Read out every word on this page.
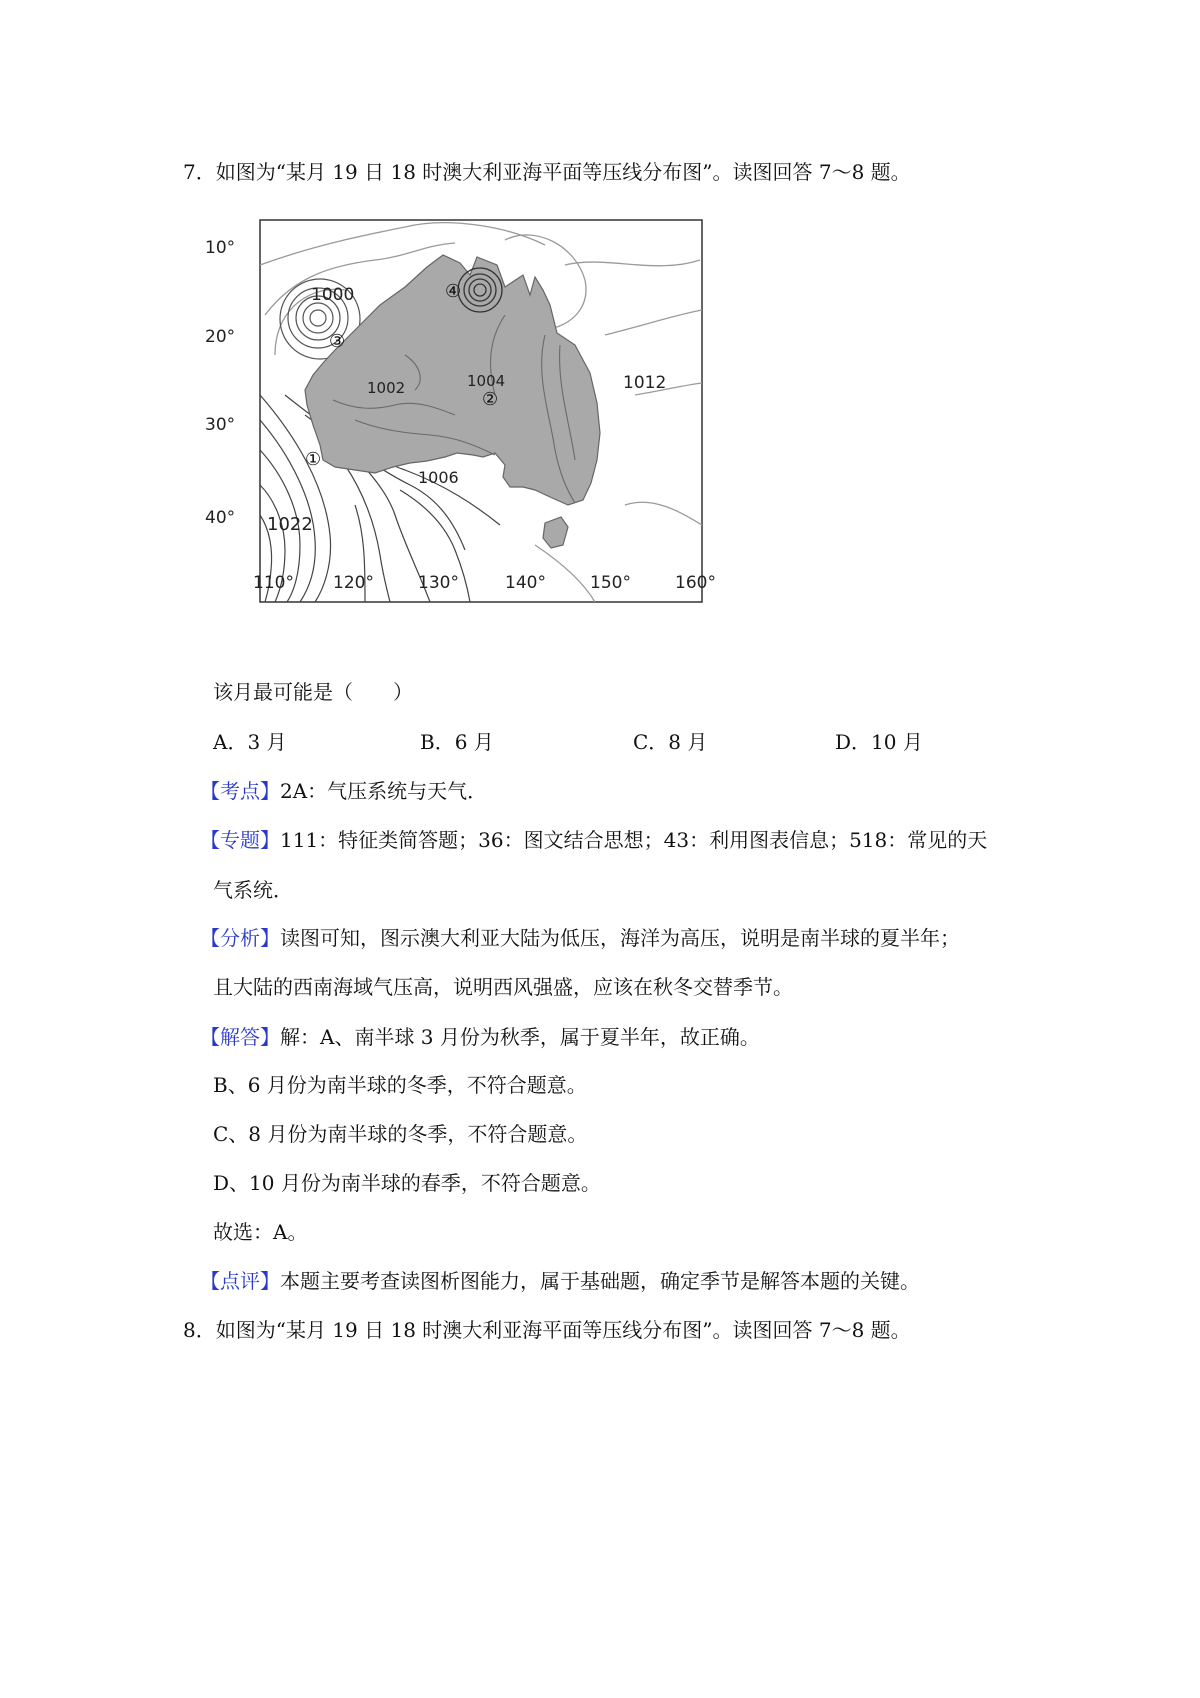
7．如图为“某月 19 日 18 时澳大利亚海平面等压线分布图”。读图回答 7～8 题。
10°
20°
30°
40°
110° 120°	130°	140°	150°	160°
1000
1002	1004
1006
1012
1022
①
②
③
④
该月最可能是（　　）
A．3 月	B．6 月	C．8 月	D．10 月
【考点】2A：气压系统与天气．
【专题】111：特征类简答题；36：图文结合思想；43：利用图表信息；518：常见的天
气系统．
【分析】读图可知，图示澳大利亚大陆为低压，海洋为高压，说明是南半球的夏半年；
且大陆的西南海域气压高，说明西风强盛，应该在秋冬交替季节。
【解答】解：A、南半球 3 月份为秋季，属于夏半年，故正确。
B、6 月份为南半球的冬季，不符合题意。
C、8 月份为南半球的冬季，不符合题意。
D、10 月份为南半球的春季，不符合题意。
故选：A。
【点评】本题主要考查读图析图能力，属于基础题，确定季节是解答本题的关键。
8．如图为“某月 19 日 18 时澳大利亚海平面等压线分布图”。读图回答 7～8 题。
